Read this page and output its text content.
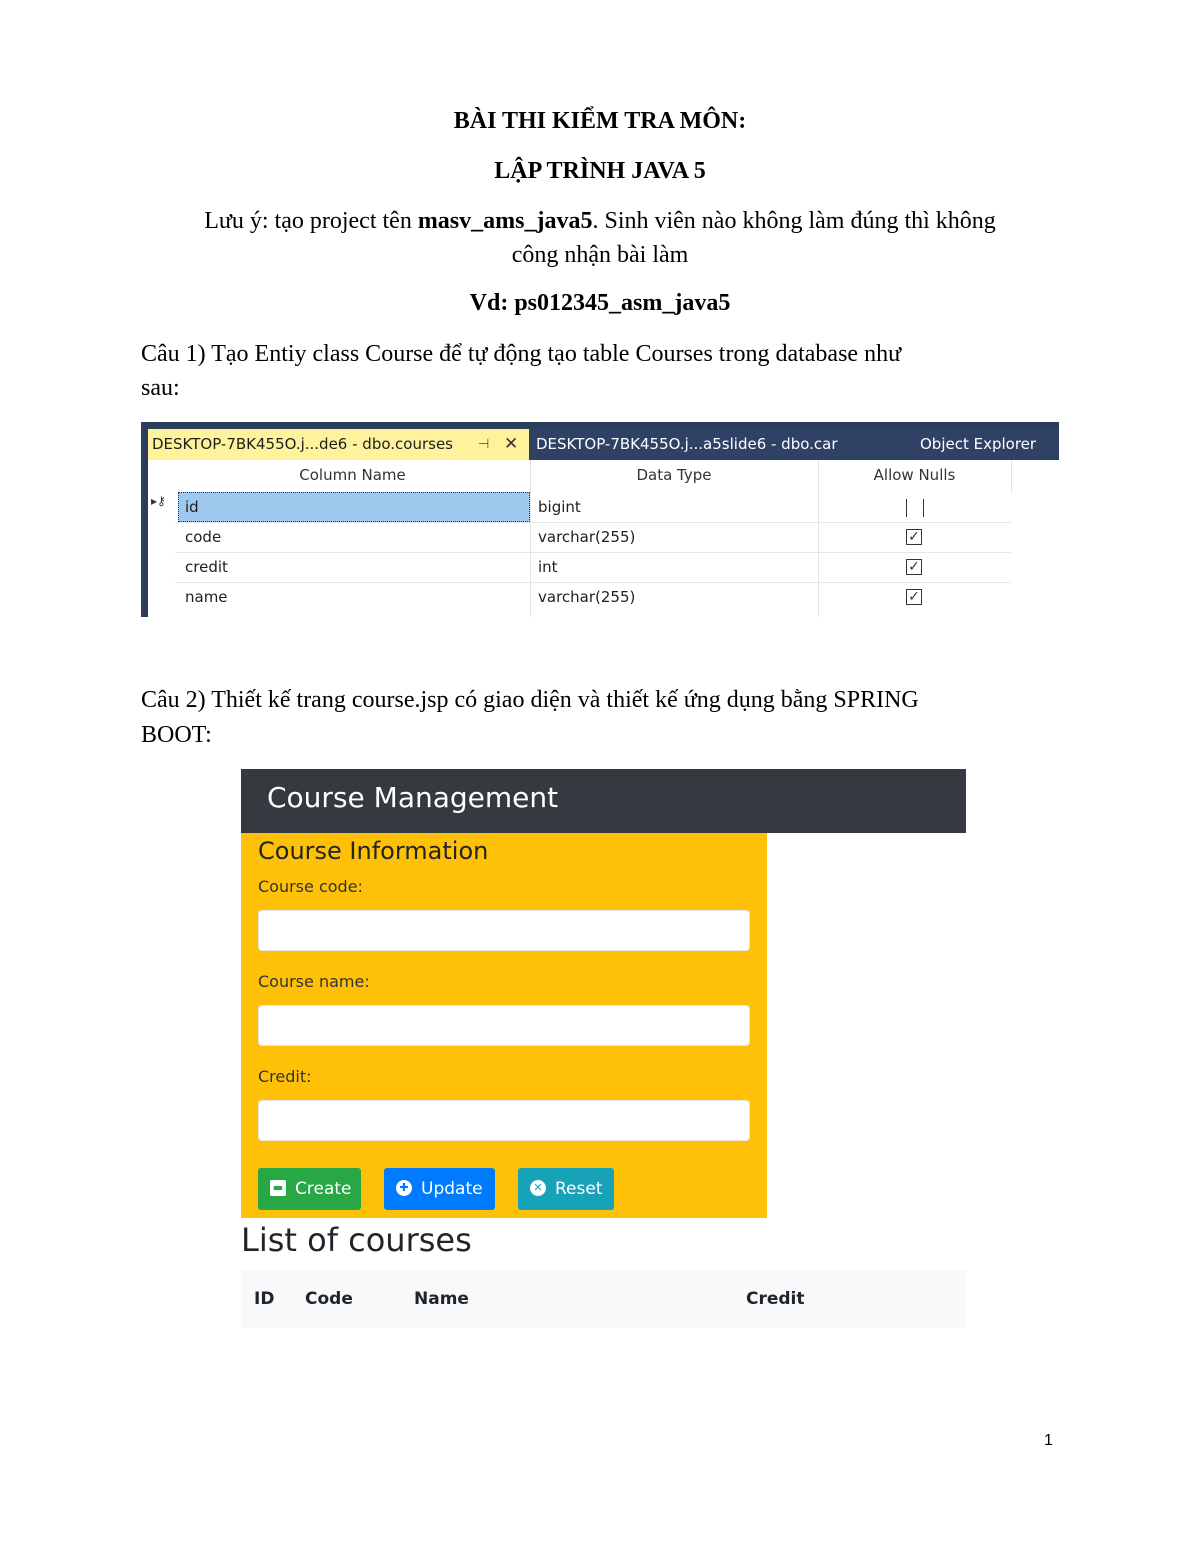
BÀI THI KIỂM TRA MÔN:
LẬP TRÌNH JAVA 5
Lưu ý: tạo project tên masv_ams_java5. Sinh viên nào không làm đúng thì không
công nhận bài làm
Vd: ps012345_asm_java5
Câu 1) Tạo Entiy class Course để tự động tạo table Courses trong database như
sau:
DESKTOP-7BK455O.j...de6 - dbo.courses ⊣ ✕ DESKTOP-7BK455O.j...a5slide6 - dbo.car	Object Explorer
Column Name	Data Type	Allow Nulls
▸⚷ id	bigint
code	varchar(255)	✓
credit	int	✓
name	varchar(255)	✓
Câu 2) Thiết kế trang course.jsp có giao diện và thiết kế ứng dụng bằng SPRING
BOOT:
Course Management
Course Information
Course code:
Course name:
Credit:
▬ Create	✚ Update	✕ Reset
List of courses
ID Code	Name	Credit
1
